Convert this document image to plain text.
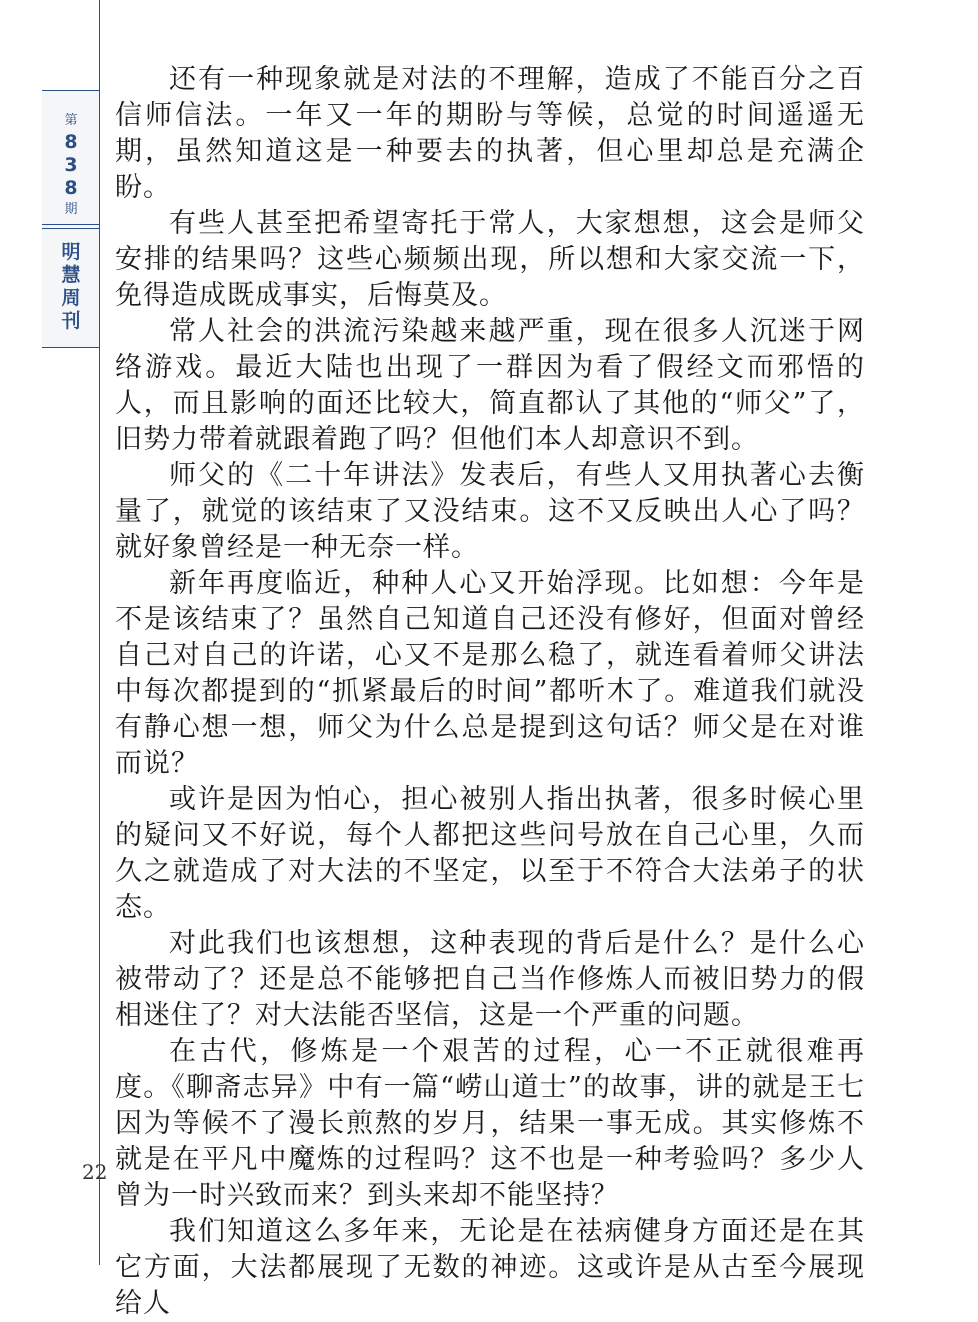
第
838
期
明慧周刊
22

还有一种现象就是对法的不理解，造成了不能百分之百信师信法。一年又一年的期盼与等候，总觉的时间遥遥无期，虽然知道这是一种要去的执著，但心里却总是充满企盼。

有些人甚至把希望寄托于常人，大家想想，这会是师父安排的结果吗？这些心频频出现，所以想和大家交流一下，免得造成既成事实，后悔莫及。

常人社会的洪流污染越来越严重，现在很多人沉迷于网络游戏。最近大陆也出现了一群因为看了假经文而邪悟的人，而且影响的面还比较大，简直都认了其他的“师父”了，旧势力带着就跟着跑了吗？但他们本人却意识不到。

师父的《二十年讲法》发表后，有些人又用执著心去衡量了，就觉的该结束了又没结束。这不又反映出人心了吗？就好象曾经是一种无奈一样。

新年再度临近，种种人心又开始浮现。比如想：今年是不是该结束了？虽然自己知道自己还没有修好，但面对曾经自己对自己的许诺，心又不是那么稳了，就连看着师父讲法中每次都提到的“抓紧最后的时间”都听木了。难道我们就没有静心想一想，师父为什么总是提到这句话？师父是在对谁而说？

或许是因为怕心，担心被别人指出执著，很多时候心里的疑问又不好说，每个人都把这些问号放在自己心里，久而久之就造成了对大法的不坚定，以至于不符合大法弟子的状态。

对此我们也该想想，这种表现的背后是什么？是什么心被带动了？还是总不能够把自己当作修炼人而被旧势力的假相迷住了？对大法能否坚信，这是一个严重的问题。

在古代，修炼是一个艰苦的过程，心一不正就很难再度。《聊斋志异》中有一篇“崂山道士”的故事，讲的就是王七因为等候不了漫长煎熬的岁月，结果一事无成。其实修炼不就是在平凡中魔炼的过程吗？这不也是一种考验吗？多少人曾为一时兴致而来？到头来却不能坚持？

我们知道这么多年来，无论是在祛病健身方面还是在其它方面，大法都展现了无数的神迹。这或许是从古至今展现给人
